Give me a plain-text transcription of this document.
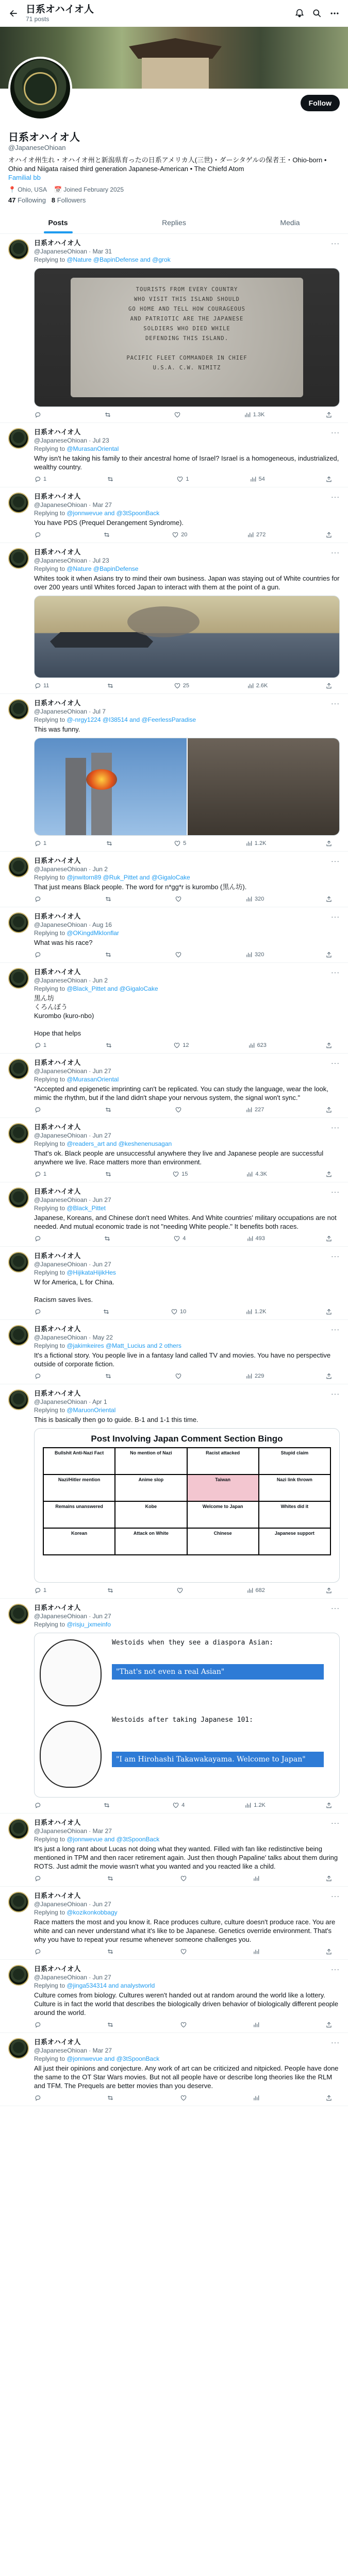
日系オハイオ人
71 posts
Follow
日系オハイオ人
@JapaneseOhioan
オハイオ州生れ・オハイオ州と新潟県育ったの日系アメリカ人(三世)・ダーシタゲルの保者王・Ohio-born • Ohio and Niigata raised third generation Japanese-American • The Chiefd Atom
Familial bb
📍 Ohio, USA 📅 Joined February 2025
47 Following 8 Followers
Posts	Replies	Media
日系オハイオ人
@JapaneseOhioan · Mar 31
Replying to @Nature @BapinDefense and @grok
TOURISTS FROM EVERY COUNTRY
WHO VISIT THIS ISLAND SHOULD
GO HOME AND TELL HOW COURAGEOUS
AND PATRIOTIC ARE THE JAPANESE
SOLDIERS WHO DIED WHILE
DEFENDING THIS ISLAND.
PACIFIC FLEET COMMANDER IN CHIEF
U.S.A. C.W. NIMITZ
1.3K
···
日系オハイオ人
@JapaneseOhioan · Jul 23
Replying to @MurasanOriental
Why isn't he taking his family to their ancestral home of Israel? Israel is a homogeneous, industrialized, wealthy country.
1	1	54
···
日系オハイオ人
@JapaneseOhioan · Mar 27
Replying to @jonnwevue and @3tSpoonBack
You have PDS (Prequel Derangement Syndrome).
20	272
···
日系オハイオ人
@JapaneseOhioan · Jul 23
Replying to @Nature @BapinDefense
Whites took it when Asians try to mind their own business. Japan was staying out of White countries for over 200 years until Whites forced Japan to interact with them at the point of a gun.
11	25	2.6K
···
日系オハイオ人
@JapaneseOhioan · Jul 7
Replying to @-nrgy1224 @I38514 and @FeerlessParadise
This was funny.
1	5	1.2K
···
日系オハイオ人
@JapaneseOhioan · Jun 2
Replying to @jnwitorn89 @Ruk_Pittet and @GigaloCake
That just means Black people. The word for n*gg*r is kurombo (黒ん坊).
320
···
日系オハイオ人
@JapaneseOhioan · Aug 16
Replying to @OKingdMkIonflar
What was his race?
320
···
日系オハイオ人
@JapaneseOhioan · Jun 2
Replying to @Black_Pittet and @GigaloCake
黒ん坊
くろんぼう
Kurombo (kuro-nbo)

Hope that helps
1	12	623
···
日系オハイオ人
@JapaneseOhioan · Jun 27
Replying to @MurasanOriental
"Accepted and epigenetic imprinting can't be replicated. You can study the language, wear the look, mimic the rhythm, but if the land didn't shape your nervous system, the signal won't sync."
227
···
日系オハイオ人
@JapaneseOhioan · Jun 27
Replying to @readers_art and @keshenenusagan
That's ok. Black people are unsuccessful anywhere they live and Japanese people are successful anywhere we live. Race matters more than environment.
1	15	4.3K
···
日系オハイオ人
@JapaneseOhioan · Jun 27
Replying to @Black_Pittet
Japanese, Koreans, and Chinese don't need Whites. And White countries' military occupations are not needed. And mutual economic trade is not "needing White people." It benefits both races.
4	493
···
日系オハイオ人
@JapaneseOhioan · Jun 27
Replying to @HijikataHijikHes
W for America, L for China.

Racism saves lives.
10	1.2K
···
日系オハイオ人
@JapaneseOhioan · May 22
Replying to @jakimkeires @Matt_Lucius and 2 others
It's a fictional story. You people live in a fantasy land called TV and movies. You have no perspective outside of corporate fiction.
229
···
日系オハイオ人
@JapaneseOhioan · Apr 1
Replying to @MaruonOriental
This is basically then go to guide. B-1 and 1-1 this time.
Post Involving Japan Comment Section Bingo
Bullshit Anti-Nazi Fact	No mention of Nazi	Racist attacked	Stupid claim
Nazi/Hitler mention	Anime slop	Taiwan	Nazi link thrown
Remains unanswered	Kobe	Welcome to Japan	Whites did it
Korean	Attack on White	Chinese	Japanese support
1	682
···
日系オハイオ人
@JapaneseOhioan · Jun 27
Replying to @risju_jxmeinfo
Westoids when they see a diaspora Asian:
"That's not even a real Asian"
Westoids after taking Japanese 101:
"I am Hirohashi Takawakayama. Welcome to Japan"
4	1.2K
···
日系オハイオ人
@JapaneseOhioan · Mar 27
Replying to @jonnwevue and @3tSpoonBack
It's just a long rant about Lucas not doing what they wanted. Filled with fan like redistinctive being mentioned in TPM and then racer retirement again. Just then though Papaline' talks about them during ROTS. Just admit the movie wasn't what you wanted and you reacted like a child.
···
日系オハイオ人
@JapaneseOhioan · Jun 27
Replying to @kozikonkobbagy
Race matters the most and you know it. Race produces culture, culture doesn't produce race. You are white and can never understand what it's like to be Japanese. Genetics override environment. That's why you have to repeat your resume whenever someone challenges you.
···
日系オハイオ人
@JapaneseOhioan · Jun 27
Replying to @jinga534314 and analystworld
Culture comes from biology. Cultures weren't handed out at random around the world like a lottery. Culture is in fact the world that describes the biologically driven behavior of biologically different people around the world.
···
日系オハイオ人
@JapaneseOhioan · Mar 27
Replying to @jonnwevue and @3tSpoonBack
All just their opinions and conjecture. Any work of art can be criticized and nitpicked. People have done the same to the OT Star Wars movies. But not all people have or describe long theories like the RLM and TFM. The Prequels are better movies than you deserve.
···
